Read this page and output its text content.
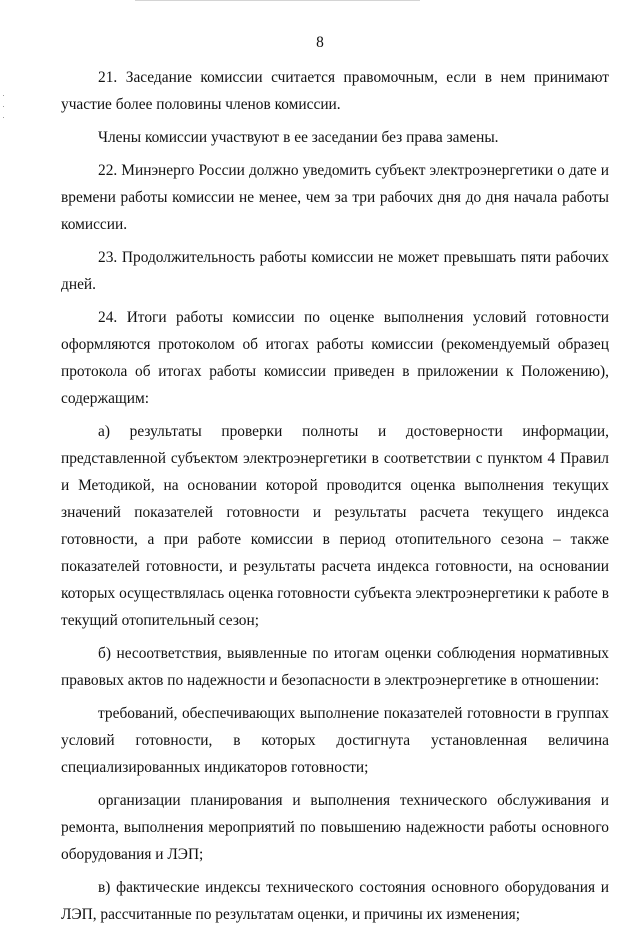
8

21. Заседание комиссии считается правомочным, если в нем принимают участие более половины членов комиссии.

Члены комиссии участвуют в ее заседании без права замены.

22. Минэнерго России должно уведомить субъект электроэнергетики о дате и времени работы комиссии не менее, чем за три рабочих дня до дня начала работы комиссии.

23. Продолжительность работы комиссии не может превышать пяти рабочих дней.

24. Итоги работы комиссии по оценке выполнения условий готовности оформляются протоколом об итогах работы комиссии (рекомендуемый образец протокола об итогах работы комиссии приведен в приложении к Положению), содержащим:

а) результаты проверки полноты и достоверности информации, представленной субъектом электроэнергетики в соответствии с пунктом 4 Правил и Методикой, на основании которой проводится оценка выполнения текущих значений показателей готовности и результаты расчета текущего индекса готовности, а при работе комиссии в период отопительного сезона – также показателей готовности, и результаты расчета индекса готовности, на основании которых осуществлялась оценка готовности субъекта электроэнергетики к работе в текущий отопительный сезон;

б) несоответствия, выявленные по итогам оценки соблюдения нормативных правовых актов по надежности и безопасности в электроэнергетике в отношении:

требований, обеспечивающих выполнение показателей готовности в группах условий готовности, в которых достигнута установленная величина

специализированных индикаторов готовности;

организации планирования и выполнения технического обслуживания и ремонта, выполнения мероприятий по повышению надежности работы основного оборудования и ЛЭП;

в) фактические индексы технического состояния основного оборудования и ЛЭП, рассчитанные по результатам оценки, и причины их изменения;
